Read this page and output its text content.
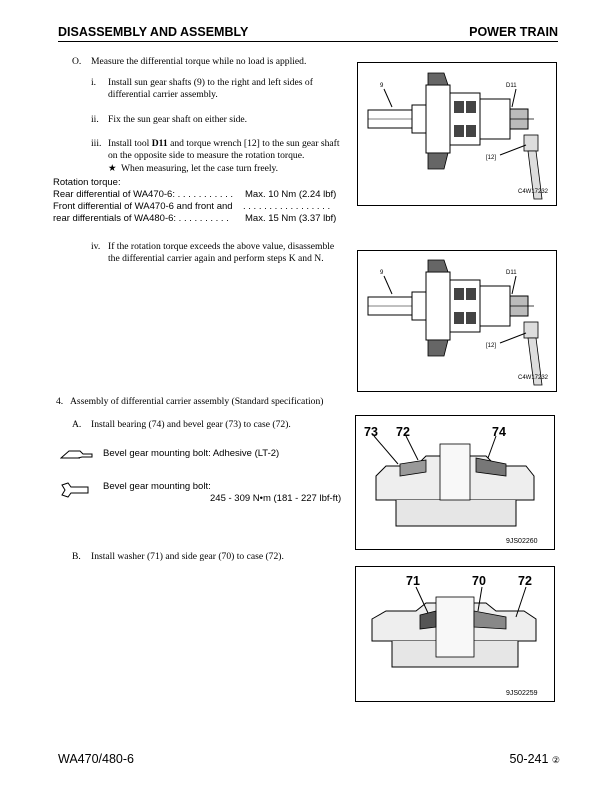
DISASSEMBLY AND ASSEMBLY	POWER TRAIN
O. Measure the differential torque while no load is applied.
i. Install sun gear shafts (9) to the right and left sides of
differential carrier assembly.
ii. Fix the sun gear shaft on either side.
iii. Install tool D11 and torque wrench [12] to the sun gear shaft
on the opposite side to measure the rotation torque.
★ When measuring, let the case turn freely.
Rotation torque:
Rear differential of WA470-6: . . . . . . . . . . . Max. 10 Nm (2.24 lbf)
Front differential of WA470-6 and front and . . . . . . . . . . . . . . . . .
rear differentials of WA480-6: . . . . . . . . . . Max. 15 Nm (3.37 lbf)
iv. If the rotation torque exceeds the above value, disassemble
the differential carrier again and perform steps K and N.
4. Assembly of differential carrier assembly (Standard specification)
A. Install bearing (74) and bevel gear (73) to case (72).
Bevel gear mounting bolt: Adhesive (LT-2)
Bevel gear mounting bolt:
245 - 309 N•m (181 - 227 lbf-ft)
B. Install washer (71) and side gear (70) to case (72).
9	D11
[12]
C4W17232
9	D11
[12]
C4W17232
73 72	74
9JS02260
71	70	72
9JS02259
WA470/480-6	50-241 ②
